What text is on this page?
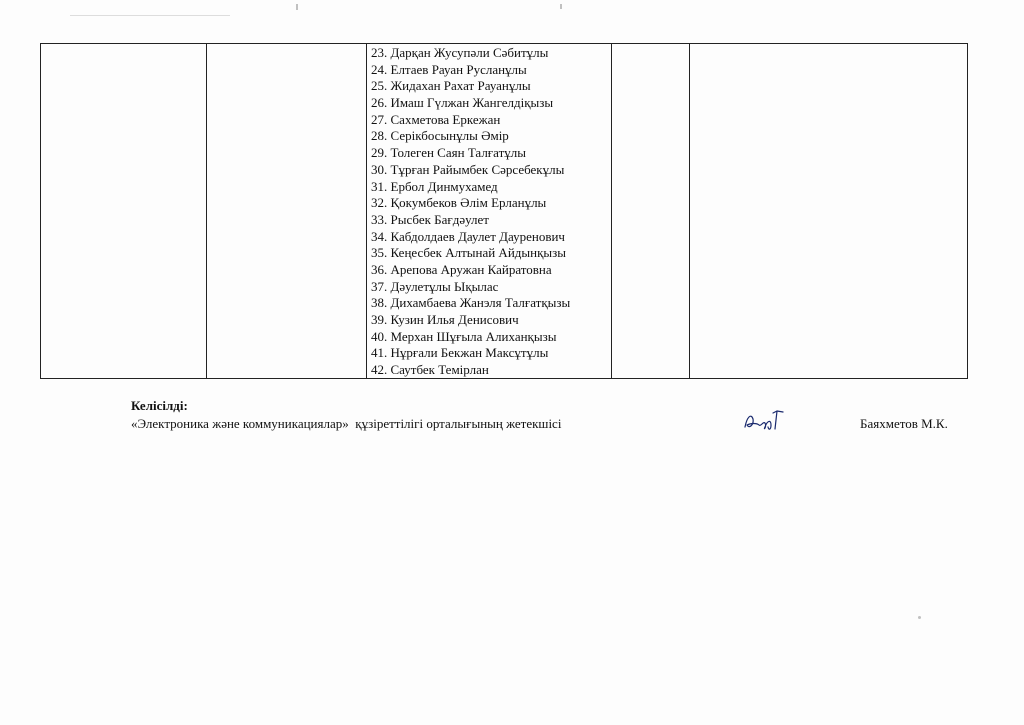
23. Дарқан Жусупәли Сәбитұлы
24. Елтаев Рауан Русланұлы
25. Жидахан Рахат Рауанұлы
26. Имаш Гүлжан Жангелдіқызы
27. Сахметова Еркежан
28. Серікбосынұлы Әмір
29. Толеген Саян Талғатұлы
30. Тұрған Райымбек Сәрсебекұлы
31. Ербол Динмухамед
32. Қокумбеков Әлім Ерланұлы
33. Рысбек Бағдәулет
34. Кабдолдаев Даулет Дауренович
35. Кеңесбек Алтынай Айдынқызы
36. Арепова Аружан Кайратовна
37. Дәулетұлы Ықылас
38. Дихамбаева Жанэля Талғатқызы
39. Кузин Илья Денисович
40. Мерхан Шұғыла Алиханқызы
41. Нұрғали Бекжан Максұтұлы
42. Саутбек Темірлан

Келісілді:

«Электроника және коммуникациялар»  құзіреттілігі орталығының жетекшісі	Баяхметов М.К.
